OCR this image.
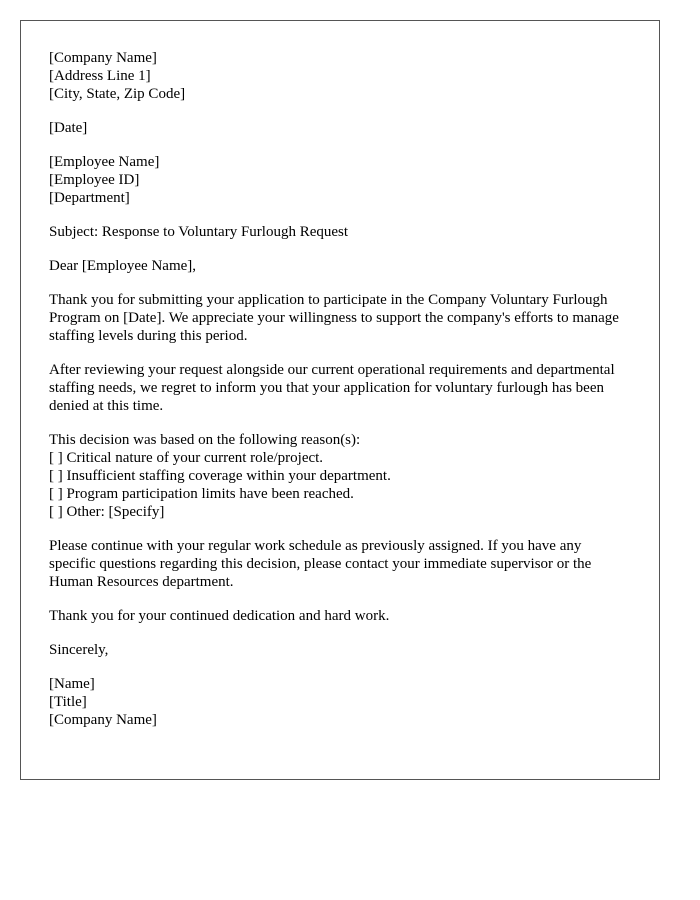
[Company Name]
[Address Line 1]
[City, State, Zip Code]
[Date]
[Employee Name]
[Employee ID]
[Department]
Subject: Response to Voluntary Furlough Request
Dear [Employee Name],

Thank you for submitting your application to participate in the Company Voluntary Furlough Program on [Date]. We appreciate your willingness to support the company's efforts to manage staffing levels during this period.

After reviewing your request alongside our current operational requirements and departmental staffing needs, we regret to inform you that your application for voluntary furlough has been denied at this time.

This decision was based on the following reason(s):
[ ] Critical nature of your current role/project.
[ ] Insufficient staffing coverage within your department.
[ ] Program participation limits have been reached.
[ ] Other: [Specify]

Please continue with your regular work schedule as previously assigned. If you have any specific questions regarding this decision, please contact your immediate supervisor or the Human Resources department.

Thank you for your continued dedication and hard work.

Sincerely,
[Name]
[Title]
[Company Name]
